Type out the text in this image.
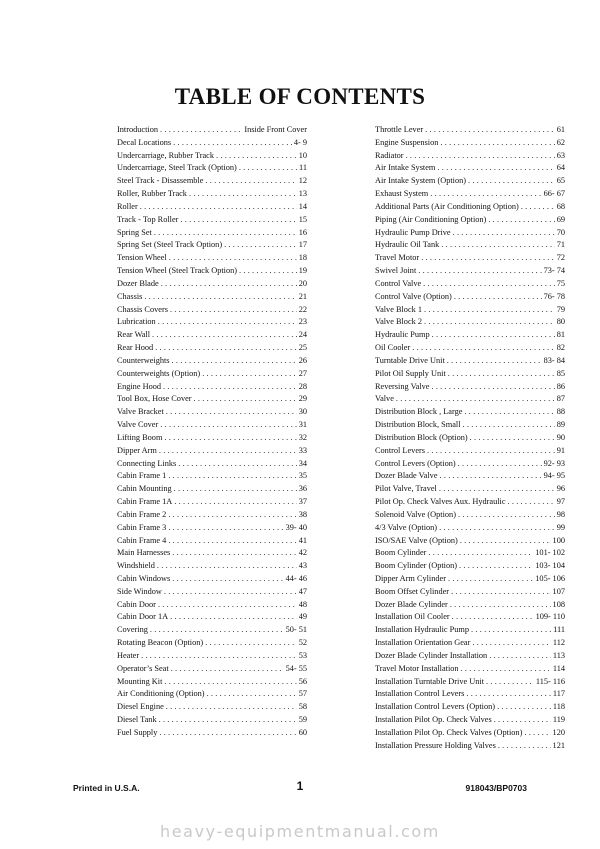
TABLE OF CONTENTS
Introduction . . .	Inside Front Cover
Decal Locations . . .	4- 9
Undercarriage, Rubber Track . . .	10
Undercarriage, Steel Track (Option) . . .	11
Steel Track - Disassemble . . .	12
Roller, Rubber Track . . .	13
Roller . . .	14
Track - Top Roller . . .	15
Spring Set . . .	16
Spring Set (Steel Track Option) . . .	17
Tension Wheel . . .	18
Tension Wheel (Steel Track Option) . . .	19
Dozer Blade . . .	20
Chassis . . .	21
Chassis Covers . . .	22
Lubrication . . .	23
Rear Wall . . .	24
Rear Hood . . .	25
Counterweights . . .	26
Counterweights (Option) . . .	27
Engine Hood . . .	28
Tool Box, Hose Cover . . .	29
Valve Bracket . . .	30
Valve Cover . . .	31
Lifting Boom . . .	32
Dipper Arm . . .	33
Connecting Links . . .	34
Cabin Frame 1 . . .	35
Cabin Mounting . . .	36
Cabin Frame 1A . . .	37
Cabin Frame 2 . . .	38
Cabin Frame 3 . . .	39- 40
Cabin Frame 4 . . .	41
Main Harnesses . . .	42
Windshield . . .	43
Cabin Windows . . .	44- 46
Side Window . . .	47
Cabin Door . . .	48
Cabin Door 1A . . .	49
Covering . . .	50- 51
Rotating Beacon (Option) . . .	52
Heater . . .	53
Operator’s Seat . . .	54- 55
Mounting Kit . . .	56
Air Conditioning (Option) . . .	57
Diesel Engine . . .	58
Diesel Tank . . .	59
Fuel Supply . . .	60
Throttle Lever . . .	61
Engine Suspension . . .	62
Radiator . . .	63
Air Intake System . . .	64
Air Intake System (Option) . . .	65
Exhaust System . . .	66- 67
Additional Parts (Air Conditioning Option) . . .	68
Piping (Air Conditioning Option) . . .	69
Hydraulic Pump Drive . . .	70
Hydraulic Oil Tank . . .	71
Travel Motor . . .	72
Swivel Joint . . .	73- 74
Control Valve . . .	75
Control Valve (Option) . . .	76- 78
Valve Block 1 . . .	79
Valve Block 2 . . .	80
Hydraulic Pump . . .	81
Oil Cooler . . .	82
Turntable Drive Unit . . .	83- 84
Pilot Oil Supply Unit . . .	85
Reversing Valve . . .	86
Valve . . .	87
Distribution Block , Large . . .	88
Distribution Block, Small . . .	89
Distribution Block (Option) . . .	90
Control Levers . . .	91
Control Levers (Option) . . .	92- 93
Dozer Blade Valve . . .	94- 95
Pilot Valve, Travel . . .	96
Pilot Op. Check Valves Aux. Hydraulic . . .	97
Solenoid Valve (Option) . . .	98
4/3 Valve (Option) . . .	99
ISO/SAE Valve (Option) . . .	100
Boom Cylinder . . .	101- 102
Boom Cylinder (Option) . . .	103- 104
Dipper Arm Cylinder . . .	105- 106
Boom Offset Cylinder . . .	107
Dozer Blade Cylinder . . .	108
Installation Oil Cooler . . .	109- 110
Installation Hydraulic Pump . . .	111
Installation Orientation Gear . . .	112
Dozer Blade Cylinder Installation . . .	113
Travel Motor Installation . . .	114
Installation Turntable Drive Unit . . .	115- 116
Installation Control Levers . . .	117
Installation Control Levers (Option) . . .	118
Installation Pilot Op. Check Valves . . .	119
Installation Pilot Op. Check Valves (Option) . . .	120
Installation Pressure Holding Valves . . .	121
Printed in U.S.A.	1	918043/BP0703
heavy-equipmentmanual.com
